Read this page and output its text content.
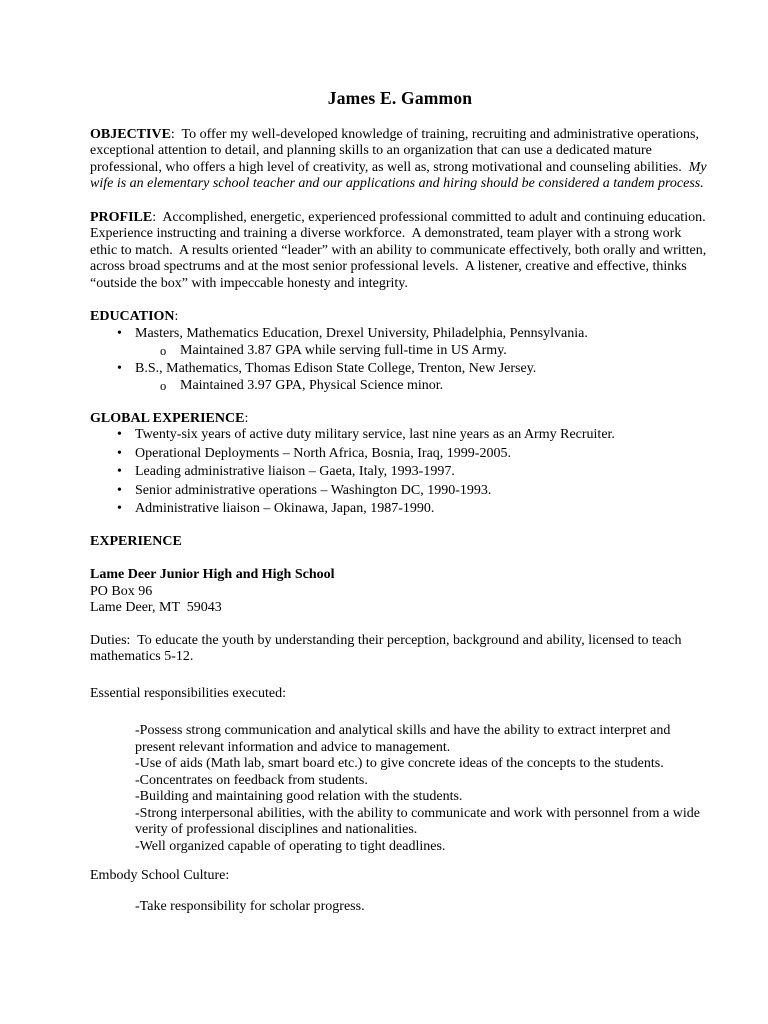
James E. Gammon

OBJECTIVE:  To offer my well-developed knowledge of training, recruiting and administrative operations, exceptional attention to detail, and planning skills to an organization that can use a dedicated mature professional, who offers a high level of creativity, as well as, strong motivational and counseling abilities.  My wife is an elementary school teacher and our applications and hiring should be considered a tandem process.

PROFILE:  Accomplished, energetic, experienced professional committed to adult and continuing education.  Experience instructing and training a diverse workforce.  A demonstrated, team player with a strong work ethic to match.  A results oriented “leader” with an ability to communicate effectively, both orally and written, across broad spectrums and at the most senior professional levels.  A listener, creative and effective, thinks “outside the box” with impeccable honesty and integrity.

EDUCATION:

• Masters, Mathematics Education, Drexel University, Philadelphia, Pennsylvania.
o Maintained 3.87 GPA while serving full-time in US Army.
• B.S., Mathematics, Thomas Edison State College, Trenton, New Jersey.
o Maintained 3.97 GPA, Physical Science minor.

GLOBAL EXPERIENCE:

• Twenty-six years of active duty military service, last nine years as an Army Recruiter.
• Operational Deployments – North Africa, Bosnia, Iraq, 1999-2005.
• Leading administrative liaison – Gaeta, Italy, 1993-1997.
• Senior administrative operations – Washington DC, 1990-1993.
• Administrative liaison – Okinawa, Japan, 1987-1990.

EXPERIENCE

Lame Deer Junior High and High School
PO Box 96
Lame Deer, MT  59043

Duties:  To educate the youth by understanding their perception, background and ability, licensed to teach mathematics 5-12.

Essential responsibilities executed:

-Possess strong communication and analytical skills and have the ability to extract interpret and present relevant information and advice to management.

-Use of aids (Math lab, smart board etc.) to give concrete ideas of the concepts to the students.

-Concentrates on feedback from students.

-Building and maintaining good relation with the students.

-Strong interpersonal abilities, with the ability to communicate and work with personnel from a wide verity of professional disciplines and nationalities.

-Well organized capable of operating to tight deadlines.

Embody School Culture:

-Take responsibility for scholar progress.
